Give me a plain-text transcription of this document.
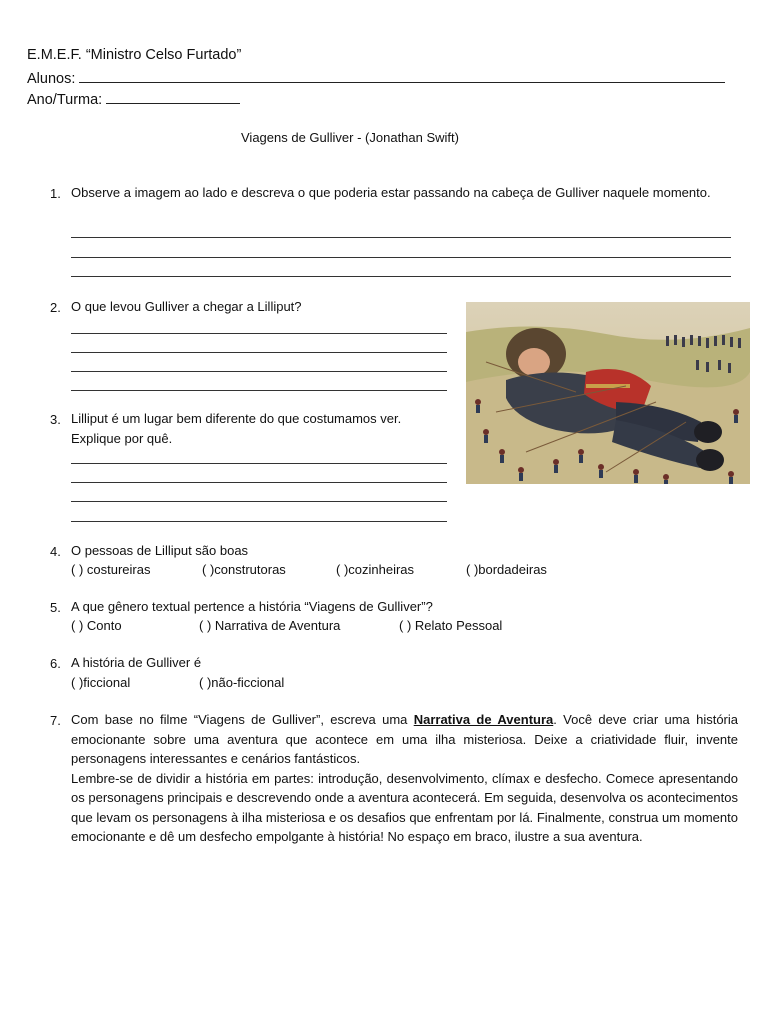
E.M.E.F. “Ministro Celso Furtado”
Alunos:
Ano/Turma:
Viagens de Gulliver - (Jonathan Swift)
1. Observe a imagem ao lado e descreva o que poderia estar passando na cabeça de Gulliver naquele momento.
2. O que levou Gulliver a chegar a Lilliput?
3. Lilliput é um lugar bem diferente do que costumamos ver.
Explique por quê.
4. O pessoas de Lilliput são boas
( ) costureiras	( )construtoras	( )cozinheiras	( )bordadeiras
5. A que gênero textual pertence a história “Viagens de Gulliver”?
( ) Conto	( ) Narrativa de Aventura	( ) Relato Pessoal
6. A história de Gulliver é
( )ficcional	( )não-ficcional
7. Com base no filme “Viagens de Gulliver”, escreva uma Narrativa de Aventura. Você deve criar uma história emocionante sobre uma aventura que acontece em uma ilha misteriosa. Deixe a criatividade fluir, invente personagens interessantes e cenários fantásticos.
Lembre-se de dividir a história em partes: introdução, desenvolvimento, clímax e desfecho. Comece apresentando os personagens principais e descrevendo onde a aventura acontecerá. Em seguida, desenvolva os acontecimentos que levam os personagens à ilha misteriosa e os desafios que enfrentam por lá. Finalmente, construa um momento emocionante e dê um desfecho empolgante à história! No espaço em braco, ilustre a sua aventura.
